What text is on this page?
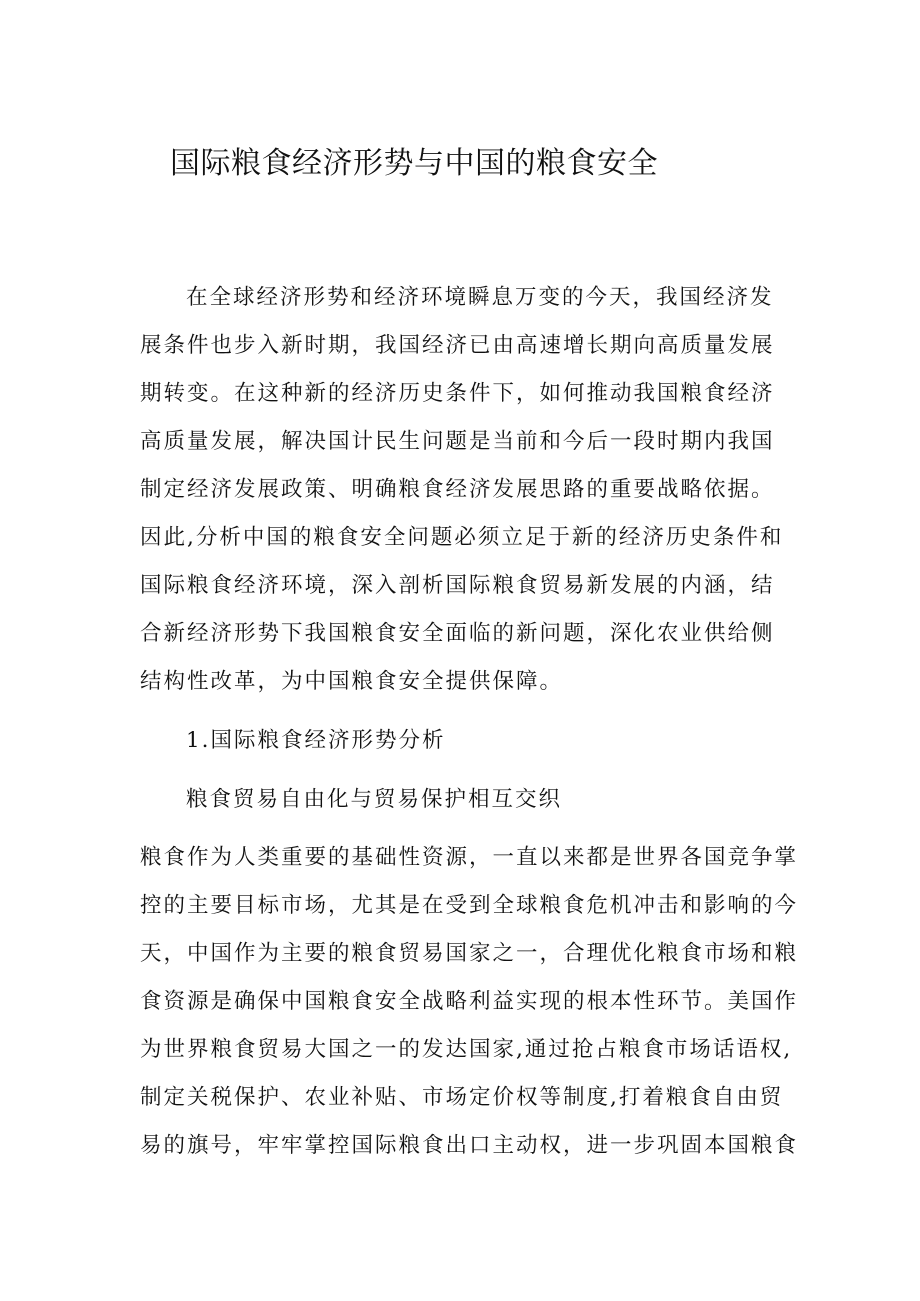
国际粮食经济形势与中国的粮食安全
在全球经济形势和经济环境瞬息万变的今天，我国经济发
展条件也步入新时期，我国经济已由高速增长期向高质量发展
期转变。在这种新的经济历史条件下，如何推动我国粮食经济
高质量发展，解决国计民生问题是当前和今后一段时期内我国
制定经济发展政策、明确粮食经济发展思路的重要战略依据。
因此,分析中国的粮食安全问题必须立足于新的经济历史条件和
国际粮食经济环境，深入剖析国际粮食贸易新发展的内涵，结
合新经济形势下我国粮食安全面临的新问题，深化农业供给侧
结构性改革，为中国粮食安全提供保障。
1.国际粮食经济形势分析
粮食贸易自由化与贸易保护相互交织
粮食作为人类重要的基础性资源，一直以来都是世界各国竞争掌
控的主要目标市场，尤其是在受到全球粮食危机冲击和影响的今
天，中国作为主要的粮食贸易国家之一，合理优化粮食市场和粮
食资源是确保中国粮食安全战略利益实现的根本性环节。美国作
为世界粮食贸易大国之一的发达国家,通过抢占粮食市场话语权,
制定关税保护、农业补贴、市场定价权等制度,打着粮食自由贸
易的旗号，牢牢掌控国际粮食出口主动权，进一步巩固本国粮食
